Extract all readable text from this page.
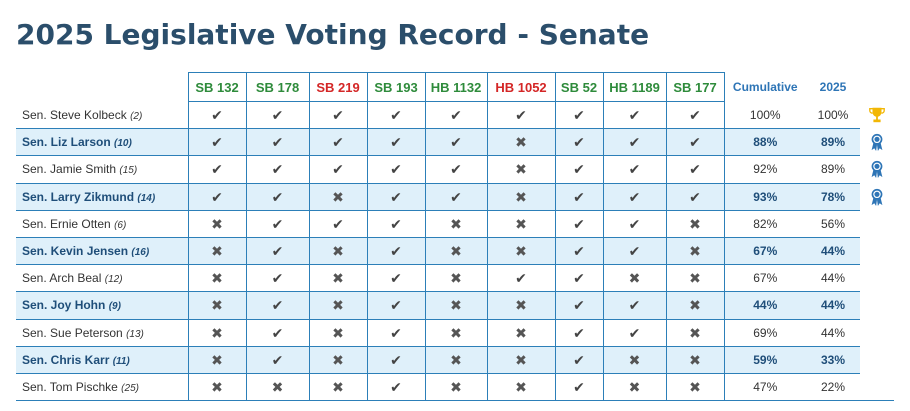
2025 Legislative Voting Record - Senate
	SB 132	SB 178	SB 219	SB 193	HB 1132	HB 1052	SB 52	HB 1189	SB 177	Cumulative	2025	
Sen. Steve Kolbeck (2)	✔	✔	✔	✔	✔	✔	✔	✔	✔	100%	100%	
Sen. Liz Larson (10)	✔	✔	✔	✔	✔	✖	✔	✔	✔	88%	89%	
Sen. Jamie Smith (15)	✔	✔	✔	✔	✔	✖	✔	✔	✔	92%	89%	
Sen. Larry Zikmund (14)	✔	✔	✖	✔	✔	✖	✔	✔	✔	93%	78%	
Sen. Ernie Otten (6)	✖	✔	✔	✔	✖	✖	✔	✔	✖	82%	56%	
Sen. Kevin Jensen (16)	✖	✔	✖	✔	✖	✖	✔	✔	✖	67%	44%	
Sen. Arch Beal (12)	✖	✔	✖	✔	✖	✔	✔	✖	✖	67%	44%	
Sen. Joy Hohn (9)	✖	✔	✖	✔	✖	✖	✔	✔	✖	44%	44%	
Sen. Sue Peterson (13)	✖	✔	✖	✔	✖	✖	✔	✔	✖	69%	44%	
Sen. Chris Karr (11)	✖	✔	✖	✔	✖	✖	✔	✖	✖	59%	33%	
Sen. Tom Pischke (25)	✖	✖	✖	✔	✖	✖	✔	✖	✖	47%	22%	
